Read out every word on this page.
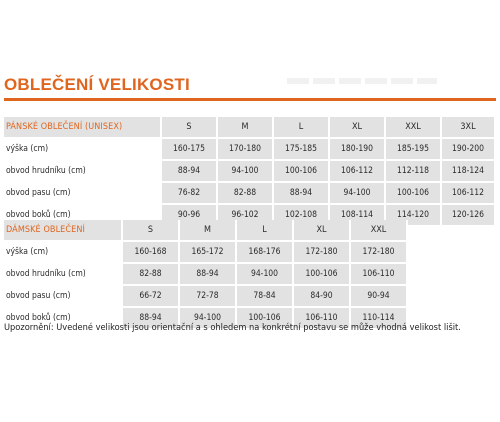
OBLEČENÍ VELIKOSTI
PÁNSKÉ OBLEČENÍ (UNISEX)	S	M	L	XL	XXL	3XL
výška (cm)	160-175	170-180	175-185	180-190	185-195	190-200
obvod hrudníku (cm)	88-94	94-100	100-106	106-112	112-118	118-124
obvod pasu (cm)	76-82	82-88	88-94	94-100	100-106	106-112
obvod boků (cm)	90-96	96-102	102-108	108-114	114-120	120-126
DÁMSKÉ OBLEČENÍ	S	M	L	XL	XXL
výška (cm)	160-168	165-172	168-176	172-180	172-180
obvod hrudníku (cm)	82-88	88-94	94-100	100-106	106-110
obvod pasu (cm)	66-72	72-78	78-84	84-90	90-94
obvod boků (cm)	88-94	94-100	100-106	106-110	110-114
Upozornění: Uvedené velikosti jsou orientační a s ohledem na konkrétní postavu se může vhodná velikost lišit.
